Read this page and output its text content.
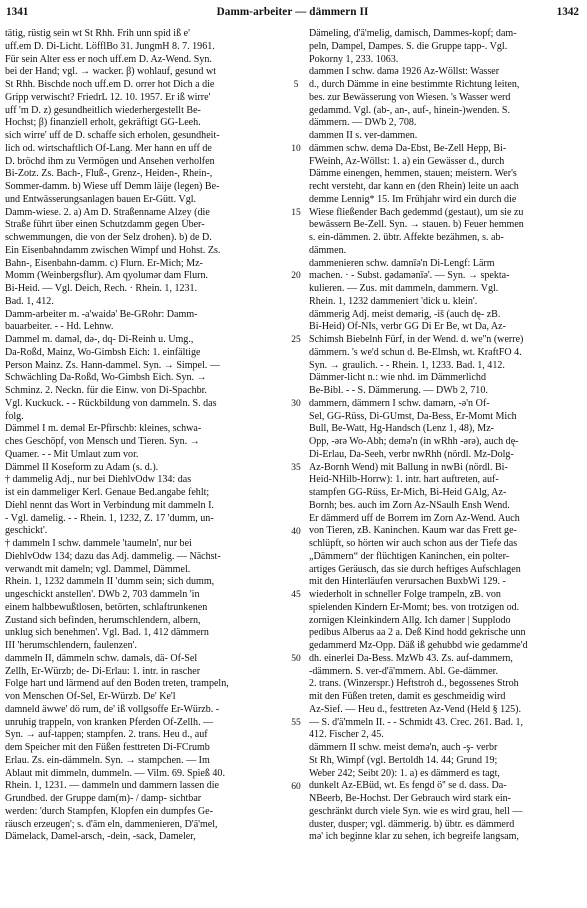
1341	Damm-arbeiter — dämmern II	1342
tätig, rüstig sein wt St Rhh. Frih unn spid iß e'
uff.em D. Di-Licht. LöfflBo 31. JungmH 8. 7. 1961.
Für sein Alter ess er noch uff.em D. Az-Wend. Syn.
bei der Hand; vgl. → wacker. β) wohlauf, gesund wt
St Rhh. Bischde noch uff.em D. orrer hot Dich a die
Gripp verwischt? FriedrL 12. 10. 1957. Er iß wirre'
uff 'm D. z) gesundheitlich wiederhergestellt Be-
Hochst; β) finanziell erholt, gekräftigt GG-Leeh.
sich wirre' uff de D. schaffe sich erholen, gesundheit-
lich od. wirtschaftlich Of-Lang. Mer hann en uff de
D. bröchd ihm zu Vermögen und Ansehen verholfen
Bi-Zotz. Zs. Bach-, Fluß-, Grenz-, Heiden-, Rhein-,
Sommer-damm. b) Wiese uff Demm läije (legen) Be-
und Entwässerungsanlagen bauen Er-Gütt. Vgl.
Damm-wiese. 2. a) Am D. Straßenname Alzey (die
Straße führt über einen Schutzdamm gegen Über-
schwemmungen, die von der Selz drohen). b) de D.
Ein Eisenbahndamm zwischen Wimpf und Hohst. Zs.
Bahn-, Eisenbahn-damm. c) Flurn. Er-Mich; Mz-
Momm (Weinbergsflur). Am qyolumər dam Flurn.
Bi-Heid. — Vgl. Deich, Rech. · Rhein. 1, 1231.
Bad. 1, 412.
Damm-arbeiter m. -a'waidə' Be-GRohr: Damm-
bauarbeiter. - - Hd. Lehnw.
Dammel m. daməl, də-, dq- Di-Reinh u. Umg.,
Da-Roßd, Mainz, Wo-Gimbsh Eich: 1. einfältige
Person Mainz. Zs. Hann-dammel. Syn. → Simpel. —
Schwächling Da-Roßd, Wo-Gimbsh Eich. Syn. →
Schminz. 2. Neckn. für die Einw. von Di-Spachbr.
Vgl. Kuckuck. - - Rückbildung von dammeln. S. das
folg.
Dämmel I m. deməl Er-Pfirschb: kleines, schwa-
ches Geschöpf, von Mensch und Tieren. Syn. →
Quamer. - - Mit Umlaut zum vor.
Dämmel II Koseform zu Adam (s. d.).
† dammelig Adj., nur bei DiehlvOdw 134: das
ist ein dammeliger Kerl. Genaue Bed.angabe fehlt;
Diehl nennt das Wort in Verbindung mit dammeln I.
- Vgl. damelig. - - Rhein. 1, 1232, Z. 17 'dumm, un-
geschickt'.
† dammeln I schw. dammele 'taumeln', nur bei
DiehlvOdw 134; dazu das Adj. dammelig. — Nächst-
verwandt mit dameln; vgl. Dammel, Dämmel.
Rhein. 1, 1232 dammeln II 'dumm sein; sich dumm,
ungeschickt anstellen'. DWb 2, 703 dammeln 'in
einem halbbewußtlosen, betörten, schlaftrunkenen
Zustand sich befinden, herumschlendern, albern,
unklug sich benehmen'. Vgl. Bad. 1, 412 dämmern
III 'herumschlendern, faulenzen'.
dammeln II, dämmeln schw. daməls, dä- Of-Sel
Zellh, Er-Würzb; de- Di-Erlau: 1. intr. in rascher
Folge hart und lärmend auf den Boden treten, trampeln,
von Menschen Of-Sel, Er-Würzb. De' Ke'l
damneld äwwe' dö rum, de' iß vollgsoffe Er-Würzb. -
unruhig trappeln, von kranken Pferden Of-Zellh. —
Syn. → auf-tappen; stampfen. 2. trans. Heu d., auf
dem Speicher mit den Füßen festtreten Di-FCrumb
Erlau. Zs. ein-dämmeln. Syn. → stampchen. — Im
Ablaut mit dimmeln, dummeln. — Vilm. 69. Spieß 40.
Rhein. 1, 1231. — dammeln und dammern lassen die
Grundbed. der Gruppe dam(m)- / damp- sichtbar
werden: 'durch Stampfen, Klopfen ein dumpfes Ge-
räusch erzeugen'; s. d'äm eln, dammenieren, D'ä'mel,
Dämelack, Damel-arsch, -dein, -sack, Dameler,
5
10
15
20
25
30
35
40
45
50
55
60
Dämeling, d'ä'melig, damisch, Dammes-kopf; dam-
peln, Dampel, Dampes. S. die Gruppe tapp-. Vgl.
Pokorny 1, 233. 1063.
dammen I schw. damə 1926 Az-Wöllst: Wasser
d., durch Dämme in eine bestimmte Richtung leiten,
bes. zur Bewässerung von Wiesen. 's Wasser werd
gedammd. Vgl. (ab-, an-, auf-, hinein-)wenden. S.
dämmern. — DWb 2, 708.
dammen II s. ver-dammen.
dämmen schw. demə Da-Ebst, Be-Zell Hepp, Bi-
FWeinh, Az-Wöllst: 1. a) ein Gewässer d., durch
Dämme einengen, hemmen, stauen; meistern. Wer's
recht versteht, dar kann en (den Rhein) leite un aach
demme Lennig* 15. Im Frühjahr wird ein durch die
Wiese fließender Bach gedemmd (gestaut), um sie zu
bewässern Be-Zell. Syn. → stauen. b) Feuer hemmen
s. ein-dämmen. 2. übtr. Affekte bezähmen, s. ab-
dämmen.
dammenieren schw. damnīə'n Di-Lengf: Lärm
machen. · - Subst. gədamənīə'. — Syn. → spekta-
kulieren. — Zus. mit dammeln, dammern. Vgl.
Rhein. 1, 1232 dammeniert 'dick u. klein'.
dämmerig Adj. meist demərig, -iš (auch dę- zB.
Bi-Heid) Of-NIs, verbr GG Di Er Be, wt Da, Az-
Schimsh Biebelnh Fürf, in der Wend. d. we''n (werre)
dämmern. 's we'd schun d. Be-Elmsh, wt. KraftFO 4.
Syn. → graulich. - - Rhein. 1, 1233. Bad. 1, 412.
Dämmer-licht n.: wie nhd. im Dämmerlichd
Be-Bibl. - - S. Dämmerung. — DWb 2, 710.
dammern, dämmern I schw. damərn, -ə'n Of-
Sel, GG-Rüss, Di-GUmst, Da-Bess, Er-Momt Mich
Bull, Be-Watt, Hg-Handsch (Lenz 1, 48), Mz-
Opp, -ərə Wo-Abh; demə'n (in wRhh -ərə), auch dę-
Di-Erlau, Da-Seeh, verbr nwRhh (nördl. Mz-Dolg-
Az-Bornh Wend) mit Ballung in nwBi (nördl. Bi-
Heid-NHilb-Horrw): 1. intr. hart auftreten, auf-
stampfen GG-Rüss, Er-Mich, Bi-Heid GAlg, Az-
Bornh; bes. auch im Zorn Az-NSaulh Ensh Wend.
Er dämmerd uff de Borrem im Zorn Az-Wend. Auch
von Tieren, zB. Kaninchen. Kaum war das Frett ge-
schlüpft, so hörten wir auch schon aus der Tiefe das
„Dämmern“ der flüchtigen Kaninchen, ein polter-
artiges Geräusch, das sie durch heftiges Aufschlagen
mit den Hinterläufen verursachen BuxbWi 129. -
wiederholt in schneller Folge trampeln, zB. von
spielenden Kindern Er-Momt; bes. von trotzigen od.
zornigen Kleinkindern Allg. Ich damer | Supplodo
pedibus Alberus aa 2 a. Deß Kind hodd gekrische unn
gedammerd Mz-Opp. Däß iß gehubbd wie gedamme'd
dh. einerlei Da-Bess. MzWb 43. Zs. auf-dammern,
-dämmern. S. ver-d'ä'mmern. Abl. Ge-dämmer.
2. trans. (Winzerspr.) Heftstroh d., begossenes Stroh
mit den Füßen treten, damit es geschmeidig wird
Az-Sief. — Heu d., festtreten Az-Vend (Held § 125).
— S. d'ä'mmeln II. - - Schmidt 43. Crec. 261. Bad. 1,
412. Fischer 2, 45.
dämmern II schw. meist demə'n, auch -ş- verbr
St Rh, Wimpf (vgl. Bertoldh 14. 44; Grund 19;
Weber 242; Seibt 20): 1. a) es dämmerd es tagt,
dunkelt Az-EBüd, wt. Es fengd ö'' se d. dass. Da-
NBeerb, Be-Hochst. Der Gebrauch wird stark ein-
geschränkt durch viele Syn. wie es wird grau, hell —
duster, dusper; vgl. dämmerig. b) übtr. es dämmerd
mə' ich beginne klar zu sehen, ich begreife langsam,
